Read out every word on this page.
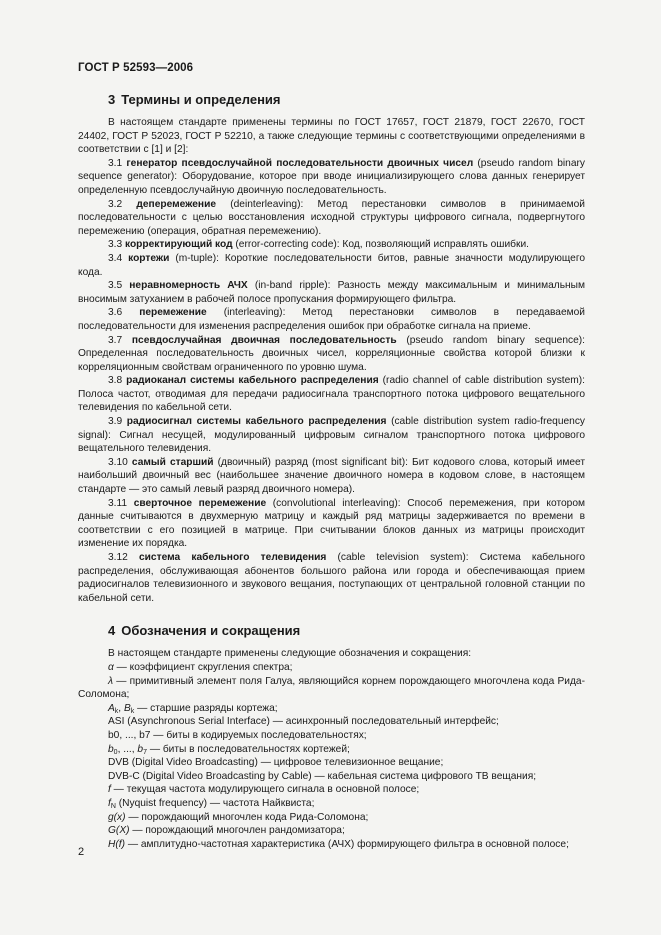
ГОСТ Р 52593—2006
3 Термины и определения

В настоящем стандарте применены термины по ГОСТ 17657, ГОСТ 21879, ГОСТ 22670, ГОСТ 24402, ГОСТ Р 52023, ГОСТ Р 52210, а также следующие термины с соответствующими определениями в соответствии с [1] и [2]:

3.1 генератор псевдослучайной последовательности двоичных чисел (pseudo random binary sequence generator): Оборудование, которое при вводе инициализирующего слова данных генерирует определенную псевдослучайную двоичную последовательность.

3.2 деперемежение (deinterleaving): Метод перестановки символов в принимаемой последовательности с целью восстановления исходной структуры цифрового сигнала, подвергнутого перемежению (операция, обратная перемежению).

3.3 корректирующий код (error-correcting code): Код, позволяющий исправлять ошибки.

3.4 кортежи (m-tuple): Короткие последовательности битов, равные значности модулирующего кода.

3.5 неравномерность АЧХ (in-band ripple): Разность между максимальным и минимальным вносимым затуханием в рабочей полосе пропускания формирующего фильтра.

3.6 перемежение (interleaving): Метод перестановки символов в передаваемой последовательности для изменения распределения ошибок при обработке сигнала на приеме.

3.7 псевдослучайная двоичная последовательность (pseudo random binary sequence): Определенная последовательность двоичных чисел, корреляционные свойства которой близки к корреляционным свойствам ограниченного по уровню шума.

3.8 радиоканал системы кабельного распределения (radio channel of cable distribution system): Полоса частот, отводимая для передачи радиосигнала транспортного потока цифрового вещательного телевидения по кабельной сети.

3.9 радиосигнал системы кабельного распределения (cable distribution system radio-frequency signal): Сигнал несущей, модулированный цифровым сигналом транспортного потока цифрового вещательного телевидения.

3.10 самый старший (двоичный) разряд (most significant bit): Бит кодового слова, который имеет наибольший двоичный вес (наибольшее значение двоичного номера в кодовом слове, в настоящем стандарте — это самый левый разряд двоичного номера).

3.11 сверточное перемежение (convolutional interleaving): Способ перемежения, при котором данные считываются в двухмерную матрицу и каждый ряд матрицы задерживается по времени в соответствии с его позицией в матрице. При считывании блоков данных из матрицы происходит изменение их порядка.

3.12 система кабельного телевидения (cable television system): Система кабельного распределения, обслуживающая абонентов большого района или города и обеспечивающая прием радиосигналов телевизионного и звукового вещания, поступающих от центральной головной станции по кабельной сети.

4 Обозначения и сокращения

В настоящем стандарте применены следующие обозначения и сокращения:

α — коэффициент скругления спектра;

λ — примитивный элемент поля Галуа, являющийся корнем порождающего многочлена кода Рида-Соломона;

$A_k$, $B_k$ — старшие разряды кортежа;

ASI (Asynchronous Serial Interface) — асинхронный последовательный интерфейс;

b0, ..., b7 — биты в кодируемых последовательностях;

$b_0$, ..., $b_7$ — биты в последовательностях кортежей;

DVB (Digital Video Broadcasting) — цифровое телевизионное вещание;

DVB-C (Digital Video Broadcasting by Cable) — кабельная система цифрового ТВ вещания;

f — текущая частота модулирующего сигнала в основной полосе;

$f_N$ (Nyquist frequency) — частота Найквиста;

g(x) — порождающий многочлен кода Рида-Соломона;

G(X) — порождающий многочлен рандомизатора;

H(f) — амплитудно-частотная характеристика (АЧХ) формирующего фильтра в основной полосе;

2
